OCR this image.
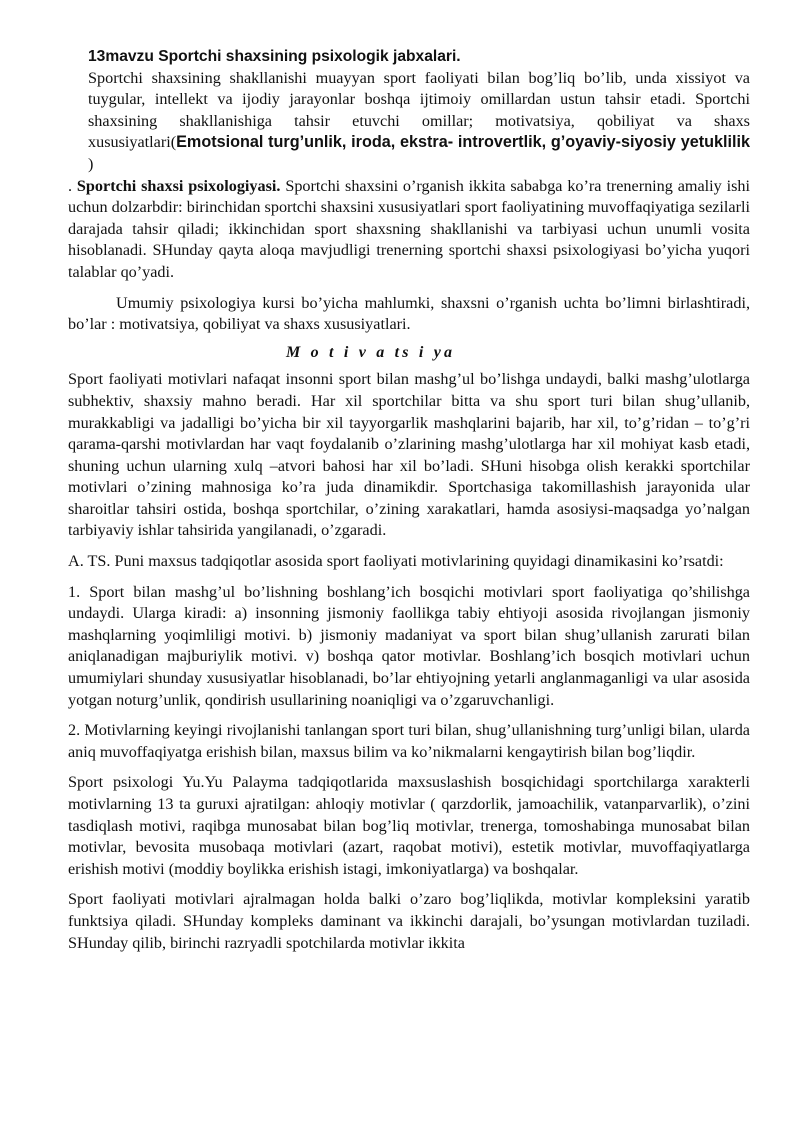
13mavzu Sportchi shaxsining psixologik jabxalari.

Sportchi shaxsining shakllanishi muayyan sport faoliyati bilan bog’liq bo’lib, unda xissiyot va tuygular, intellekt va ijodiy jarayonlar boshqa ijtimoiy omillardan ustun tahsir etadi. Sportchi shaxsining shakllanishiga tahsir etuvchi omillar; motivatsiya, qobiliyat va shaxs xususiyatlari(Emotsional turg’unlik, iroda, ekstra- introvertlik, g’oyaviy-siyosiy yetuklilik )

. Sportchi shaxsi psixologiyasi. Sportchi shaxsini o’rganish ikkita sababga ko’ra trenerning amaliy ishi uchun dolzarbdir: birinchidan sportchi shaxsini xususiyatlari sport faoliyatining muvoffaqiyatiga sezilarli darajada tahsir qiladi; ikkinchidan sport shaxsning shakllanishi va tarbiyasi uchun unumli vosita hisoblanadi. SHunday qayta aloqa mavjudligi trenerning sportchi shaxsi psixologiyasi bo’yicha yuqori talablar qo’yadi.

Umumiy psixologiya kursi bo’yicha mahlumki, shaxsni o’rganish uchta bo’limni birlashtiradi, bo’lar : motivatsiya, qobiliyat va shaxs xususiyatlari.

M o t i v a ts i ya

Sport faoliyati motivlari nafaqat insonni sport bilan mashg’ul bo’lishga undaydi, balki mashg’ulotlarga subhektiv, shaxsiy mahno beradi. Har xil sportchilar bitta va shu sport turi bilan shug’ullanib, murakkabligi va jadalligi bo’yicha bir xil tayyorgarlik mashqlarini bajarib, har xil, to’g’ridan – to’g’ri qarama-qarshi motivlardan har vaqt foydalanib o’zlarining mashg’ulotlarga har xil mohiyat kasb etadi, shuning uchun ularning xulq –atvori bahosi har xil bo’ladi. SHuni hisobga olish kerakki sportchilar motivlari o’zining mahnosiga ko’ra juda dinamikdir. Sportchasiga takomillashish jarayonida ular sharoitlar tahsiri ostida, boshqa sportchilar, o’zining xarakatlari, hamda asosiysi-maqsadga yo’nalgan tarbiyaviy ishlar tahsirida yangilanadi, o’zgaradi.

A. TS. Puni maxsus tadqiqotlar asosida sport faoliyati motivlarining quyidagi dinamikasini ko’rsatdi:

1. Sport bilan mashg’ul bo’lishning boshlang’ich bosqichi motivlari sport faoliyatiga qo’shilishga undaydi. Ularga kiradi: a) insonning jismoniy faollikga tabiy ehtiyoji asosida rivojlangan jismoniy mashqlarning yoqimliligi motivi. b) jismoniy madaniyat va sport bilan shug’ullanish zarurati bilan aniqlanadigan majburiylik motivi. v) boshqa qator motivlar. Boshlang’ich bosqich motivlari uchun umumiylari shunday xususiyatlar hisoblanadi, bo’lar ehtiyojning yetarli anglanmaganligi va ular asosida yotgan noturg’unlik, qondirish usullarining noaniqligi va o’zgaruvchanligi.

2. Motivlarning keyingi rivojlanishi tanlangan sport turi bilan, shug’ullanishning turg’unligi bilan, ularda aniq muvoffaqiyatga erishish bilan, maxsus bilim va ko’nikmalarni kengaytirish bilan bog’liqdir.

Sport psixologi Yu.Yu Palayma tadqiqotlarida maxsuslashish bosqichidagi sportchilarga xarakterli motivlarning 13 ta guruxi ajratilgan: ahloqiy motivlar ( qarzdorlik, jamoachilik, vatanparvarlik), o’zini tasdiqlash motivi, raqibga munosabat bilan bog’liq motivlar, trenerga, tomoshabinga munosabat bilan motivlar, bevosita musobaqa motivlari (azart, raqobat motivi), estetik motivlar, muvoffaqiyatlarga erishish motivi (moddiy boylikka erishish istagi, imkoniyatlarga) va boshqalar.

Sport faoliyati motivlari ajralmagan holda balki o’zaro bog’liqlikda, motivlar kompleksini yaratib funktsiya qiladi. SHunday kompleks daminant va ikkinchi darajali, bo’ysungan motivlardan tuziladi. SHunday qilib, birinchi razryadli spotchilarda motivlar ikkita
